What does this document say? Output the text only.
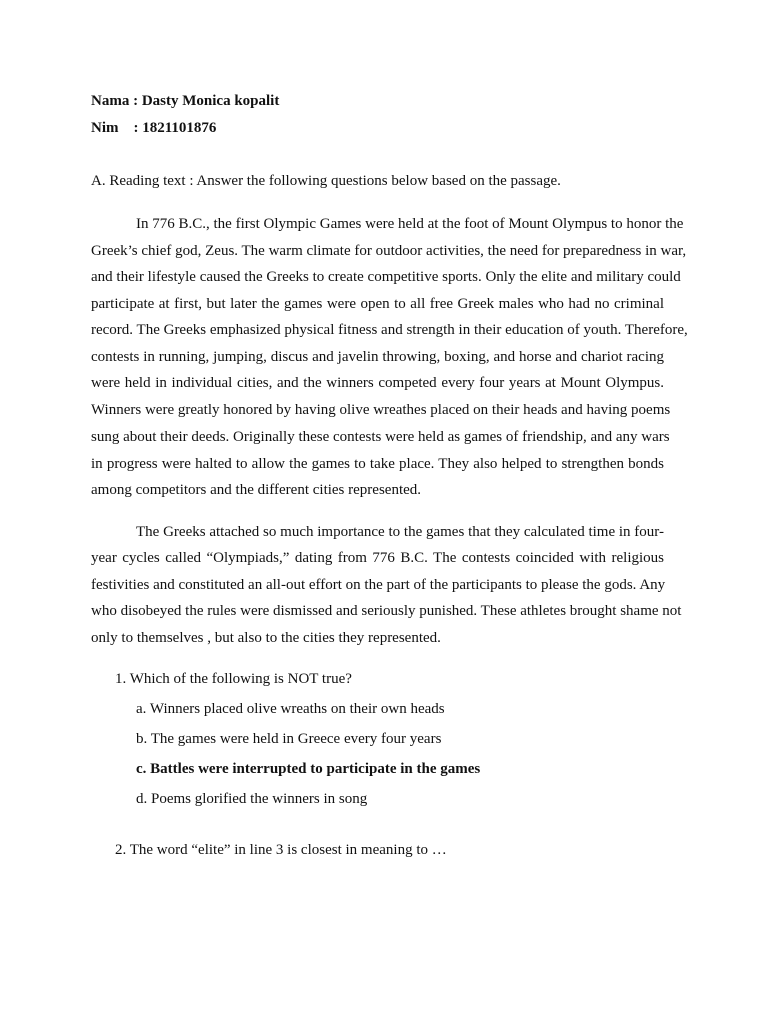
Nama : Dasty Monica kopalit
Nim    : 1821101876
A. Reading text : Answer the following questions below based on the passage.
In 776 B.C., the first Olympic Games were held at the foot of Mount Olympus to honor the
Greek’s chief god, Zeus. The warm climate for outdoor activities, the need for preparedness in war,
and their lifestyle caused the Greeks to create competitive sports. Only the elite and military could
participate at first, but later the games were open to all free Greek males who had no criminal
record. The Greeks emphasized physical fitness and strength in their education of youth. Therefore,
contests in running, jumping, discus and javelin throwing, boxing, and horse and chariot racing
were held in individual cities, and the winners competed every four years at Mount Olympus.
Winners were greatly honored by having olive wreathes placed on their heads and having poems
sung about their deeds. Originally these contests were held as games of friendship, and any wars
in progress were halted to allow the games to take place. They also helped to strengthen bonds
among competitors and the different cities represented.
The Greeks attached so much importance to the games that they calculated time in four-
year cycles called “Olympiads,” dating from 776 B.C. The contests coincided with religious
festivities and constituted an all-out effort on the part of the participants to please the gods. Any
who disobeyed the rules were dismissed and seriously punished. These athletes brought shame not
only to themselves , but also to the cities they represented.
1. Which of the following is NOT true?
a. Winners placed olive wreaths on their own heads
b. The games were held in Greece every four years
c. Battles were interrupted to participate in the games
d. Poems glorified the winners in song
2. The word “elite” in line 3 is closest in meaning to …
